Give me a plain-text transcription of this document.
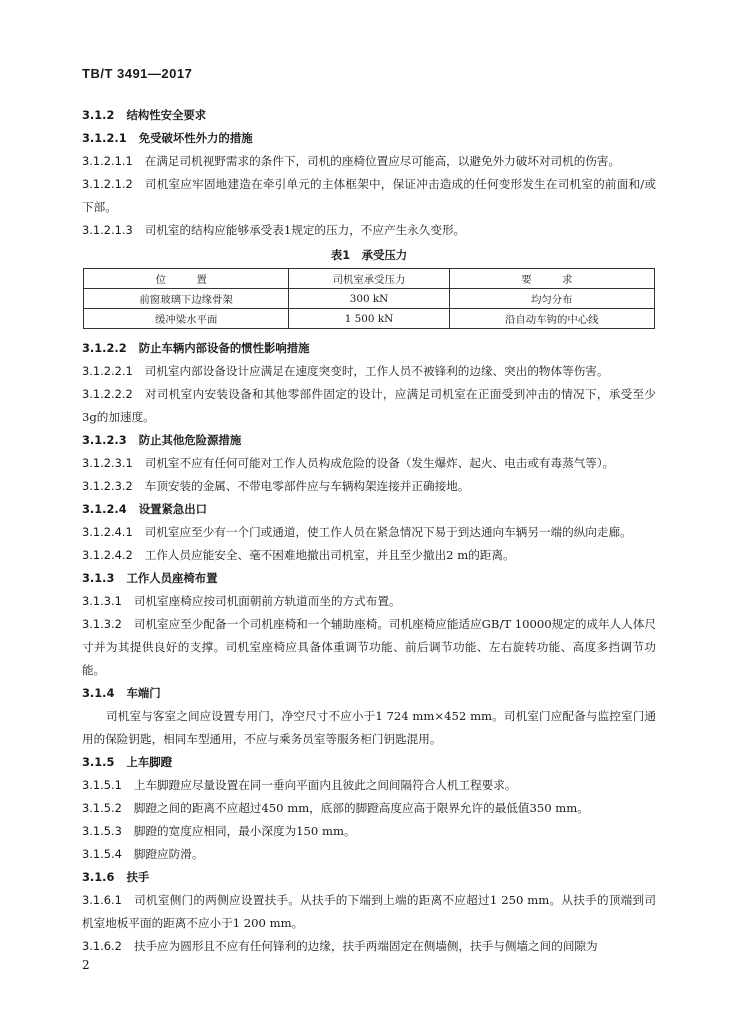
TB/T 3491—2017

3.1.2 结构性安全要求

3.1.2.1 免受破坏性外力的措施

3.1.2.1.1 在满足司机视野需求的条件下，司机的座椅位置应尽可能高，以避免外力破坏对司机的伤害。

3.1.2.1.2 司机室应牢固地建造在牵引单元的主体框架中，保证冲击造成的任何变形发生在司机室的前面和/或下部。

3.1.2.1.3 司机室的结构应能够承受表1规定的压力，不应产生永久变形。

表1　承受压力
位　置	司机室承受压力	要　求
前窗玻璃下边缘骨架	300 kN	均匀分布
缓冲梁水平面	1 500 kN	沿自动车钩的中心线

3.1.2.2 防止车辆内部设备的惯性影响措施

3.1.2.2.1 司机室内部设备设计应满足在速度突变时，工作人员不被锋利的边缘、突出的物体等伤害。

3.1.2.2.2 对司机室内安装设备和其他零部件固定的设计，应满足司机室在正面受到冲击的情况下，承受至少3g的加速度。

3.1.2.3 防止其他危险源措施

3.1.2.3.1 司机室不应有任何可能对工作人员构成危险的设备（发生爆炸、起火、电击或有毒蒸气等）。

3.1.2.3.2 车顶安装的金属、不带电零部件应与车辆构架连接并正确接地。

3.1.2.4 设置紧急出口

3.1.2.4.1 司机室应至少有一个门或通道，使工作人员在紧急情况下易于到达通向车辆另一端的纵向走廊。

3.1.2.4.2 工作人员应能安全、毫不困难地撤出司机室，并且至少撤出2 m的距离。

3.1.3 工作人员座椅布置

3.1.3.1 司机室座椅应按司机面朝前方轨道而坐的方式布置。

3.1.3.2 司机室应至少配备一个司机座椅和一个辅助座椅。司机座椅应能适应GB/T 10000规定的成年人人体尺寸并为其提供良好的支撑。司机室座椅应具备体重调节功能、前后调节功能、左右旋转功能、高度多挡调节功能。

3.1.4 车端门

司机室与客室之间应设置专用门，净空尺寸不应小于1 724 mm×452 mm。司机室门应配备与监控室门通用的保险钥匙，相同车型通用，不应与乘务员室等服务柜门钥匙混用。

3.1.5 上车脚蹬

3.1.5.1 上车脚蹬应尽量设置在同一垂向平面内且彼此之间间隔符合人机工程要求。

3.1.5.2 脚蹬之间的距离不应超过450 mm，底部的脚蹬高度应高于限界允许的最低值350 mm。

3.1.5.3 脚蹬的宽度应相同，最小深度为150 mm。

3.1.5.4 脚蹬应防滑。

3.1.6 扶手

3.1.6.1 司机室侧门的两侧应设置扶手。从扶手的下端到上端的距离不应超过1 250 mm。从扶手的顶端到司机室地板平面的距离不应小于1 200 mm。

3.1.6.2 扶手应为圆形且不应有任何锋利的边缘，扶手两端固定在侧墙侧，扶手与侧墙之间的间隙为

2
